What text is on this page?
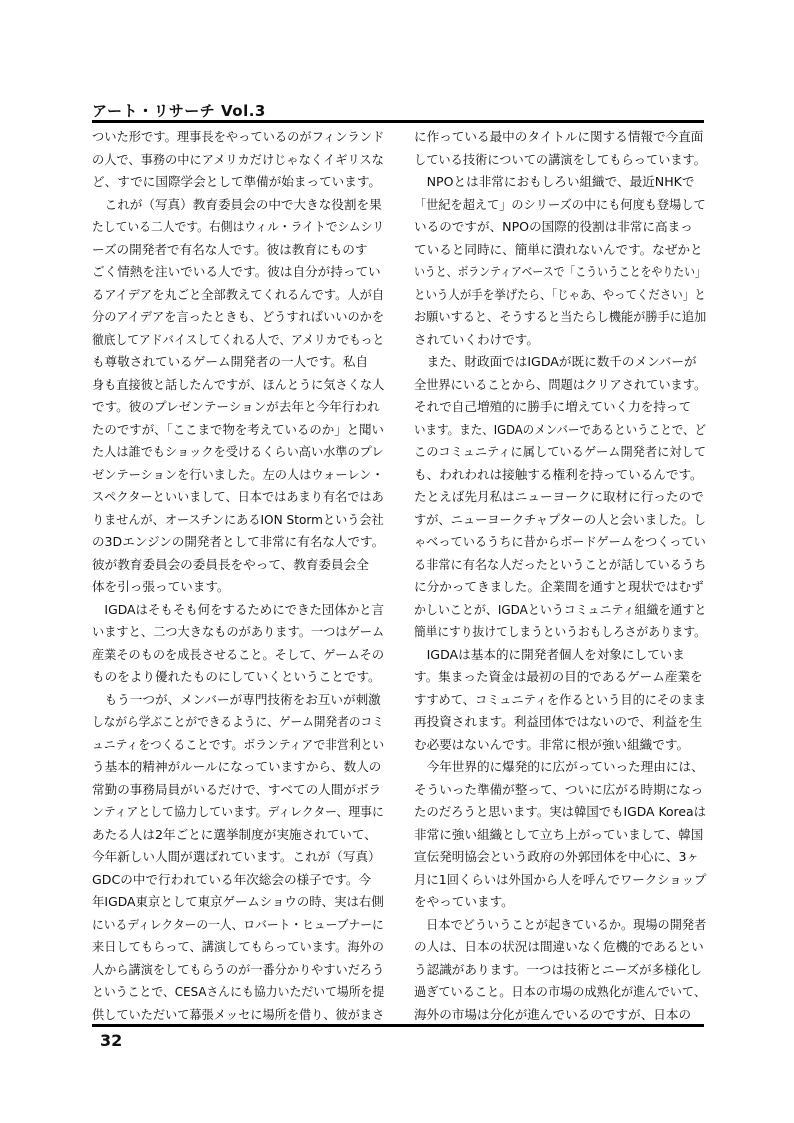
アート・リサーチ Vol.3
ついた形です。理事長をやっているのがフィンランド
の人で、事務の中にアメリカだけじゃなくイギリスな
ど、すでに国際学会として準備が始まっています。
　これが（写真）教育委員会の中で大きな役割を果
たしている二人です。右側はウィル・ライトでシムシリ
ーズの開発者で有名な人です。彼は教育にものす
ごく情熱を注いでいる人です。彼は自分が持ってい
るアイデアを丸ごと全部教えてくれるんです。人が自
分のアイデアを言ったときも、どうすればいいのかを
徹底してアドバイスしてくれる人で、アメリカでもっと
も尊敬されているゲーム開発者の一人です。私自
身も直接彼と話したんですが、ほんとうに気さくな人
です。彼のプレゼンテーションが去年と今年行われ
たのですが、「ここまで物を考えているのか」と聞い
た人は誰でもショックを受けるくらい高い水準のプレ
ゼンテーションを行いました。左の人はウォーレン・
スペクターといいまして、日本ではあまり有名ではあ
りませんが、オースチンにあるION Stormという会社
の3Dエンジンの開発者として非常に有名な人です。
彼が教育委員会の委員長をやって、教育委員会全
体を引っ張っています。
　IGDAはそもそも何をするためにできた団体かと言
いますと、二つ大きなものがあります。一つはゲーム
産業そのものを成長させること。そして、ゲームその
ものをより優れたものにしていくということです。
　もう一つが、メンバーが専門技術をお互いが刺激
しながら学ぶことができるように、ゲーム開発者のコミ
ュニティをつくることです。ボランティアで非営利とい
う基本的精神がルールになっていますから、数人の
常勤の事務局員がいるだけで、すべての人間がボラ
ンティアとして協力しています。ディレクター、理事に
あたる人は2年ごとに選挙制度が実施されていて、
今年新しい人間が選ばれています。これが（写真）
GDCの中で行われている年次総会の様子です。今
年IGDA東京として東京ゲームショウの時、実は右側
にいるディレクターの一人、ロバート・ヒューブナーに
来日してもらって、講演してもらっています。海外の
人から講演をしてもらうのが一番分かりやすいだろう
ということで、CESAさんにも協力いただいて場所を提
供していただいて幕張メッセに場所を借り、彼がまさ
に作っている最中のタイトルに関する情報で今直面
している技術についての講演をしてもらっています。
　NPOとは非常におもしろい組織で、最近NHKで
「世紀を超えて」のシリーズの中にも何度も登場して
いるのですが、NPOの国際的役割は非常に高まっ
ていると同時に、簡単に潰れないんです。なぜかと
いうと、ボランティアベースで「こういうことをやりたい」
という人が手を挙げたら、「じゃあ、やってください」と
お願いすると、そうすると当たらし機能が勝手に追加
されていくわけです。
　また、財政面ではIGDAが既に数千のメンバーが
全世界にいることから、問題はクリアされています。
それで自己増殖的に勝手に増えていく力を持って
います。また、IGDAのメンバーであるということで、ど
このコミュニティに属しているゲーム開発者に対して
も、われわれは接触する権利を持っているんです。
たとえば先月私はニューヨークに取材に行ったので
すが、ニューヨークチャプターの人と会いました。し
ゃべっているうちに昔からボードゲームをつくってい
る非常に有名な人だったということが話しているうち
に分かってきました。企業間を通すと現状ではむず
かしいことが、IGDAというコミュニティ組織を通すと
簡単にすり抜けてしまうというおもしろさがあります。
　IGDAは基本的に開発者個人を対象にしていま
す。集まった資金は最初の目的であるゲーム産業を
すすめて、コミュニティを作るという目的にそのまま
再投資されます。利益団体ではないので、利益を生
む必要はないんです。非常に根が強い組織です。
　今年世界的に爆発的に広がっていった理由には、
そういった準備が整って、ついに広がる時期になっ
たのだろうと思います。実は韓国でもIGDA Koreaは
非常に強い組織として立ち上がっていまして、韓国
宣伝発明協会という政府の外郭団体を中心に、3ヶ
月に1回くらいは外国から人を呼んでワークショップ
をやっています。
　日本でどういうことが起きているか。現場の開発者
の人は、日本の状況は間違いなく危機的であるとい
う認識があります。一つは技術とニーズが多様化し
過ぎていること。日本の市場の成熟化が進んでいて、
海外の市場は分化が進んでいるのですが、日本の
32
